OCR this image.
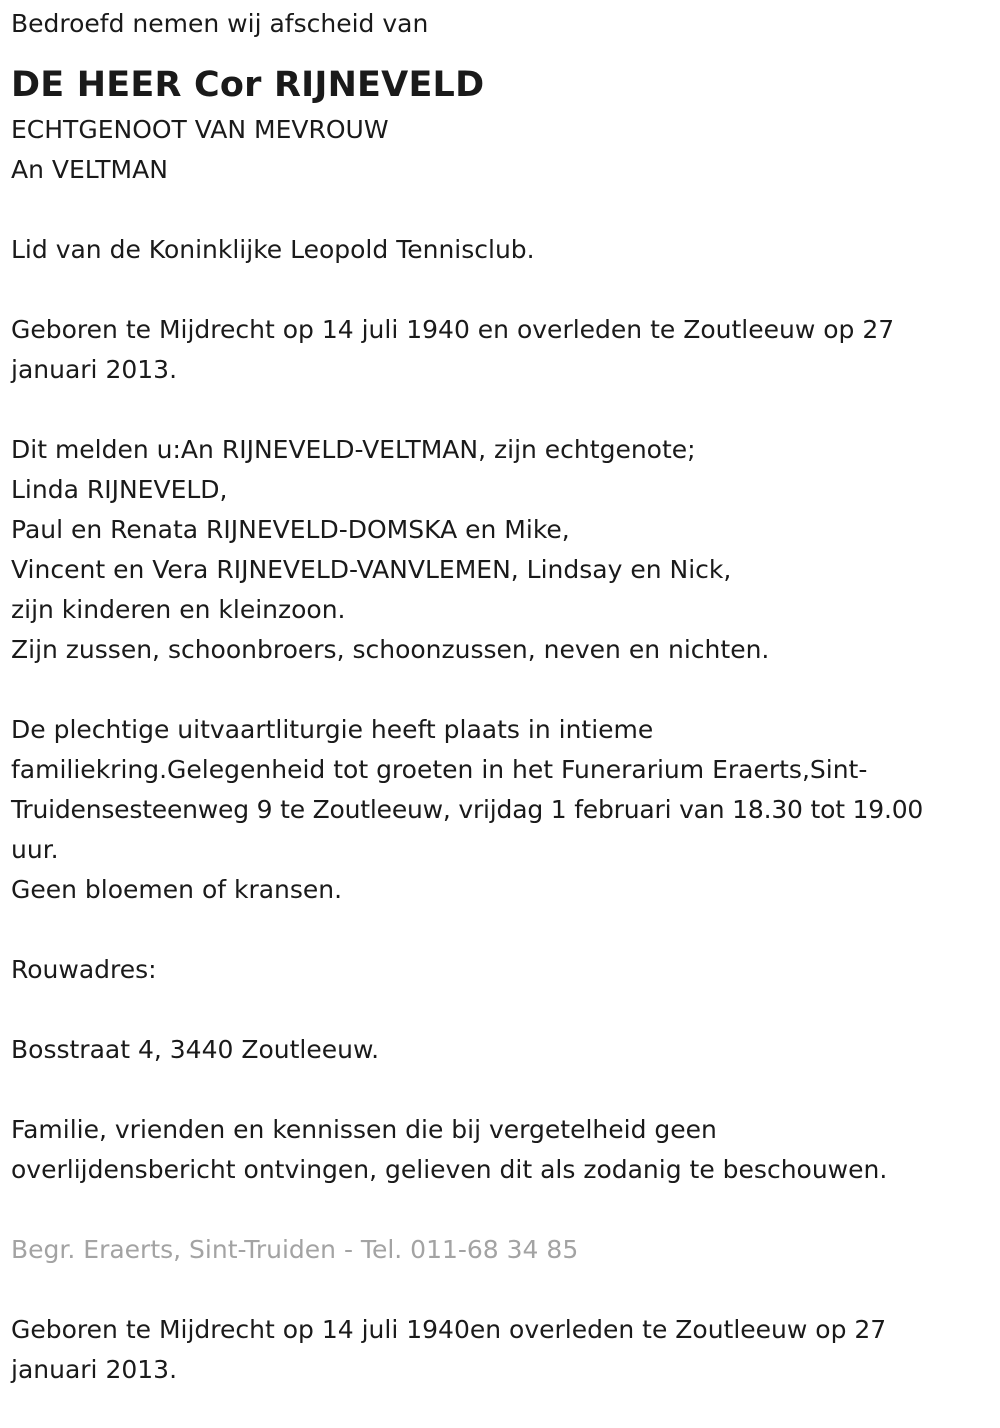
Bedroefd nemen wij afscheid van
DE HEER Cor RIJNEVELD
ECHTGENOOT VAN MEVROUW
An VELTMAN
Lid van de Koninklijke Leopold Tennisclub.
Geboren te Mijdrecht op 14 juli 1940 en overleden te Zoutleeuw op 27
januari 2013.
Dit melden u:An RIJNEVELD-VELTMAN, zijn echtgenote;
Linda RIJNEVELD,
Paul en Renata RIJNEVELD-DOMSKA en Mike,
Vincent en Vera RIJNEVELD-VANVLEMEN, Lindsay en Nick,
zijn kinderen en kleinzoon.
Zijn zussen, schoonbroers, schoonzussen, neven en nichten.
De plechtige uitvaartliturgie heeft plaats in intieme
familiekring.Gelegenheid tot groeten in het Funerarium Eraerts,Sint-
Truidensesteenweg 9 te Zoutleeuw, vrijdag 1 februari van 18.30 tot 19.00
uur.
Geen bloemen of kransen.
Rouwadres:
Bosstraat 4, 3440 Zoutleeuw.
Familie, vrienden en kennissen die bij vergetelheid geen
overlijdensbericht ontvingen, gelieven dit als zodanig te beschouwen.
Begr. Eraerts, Sint-Truiden - Tel. 011-68 34 85
Geboren te Mijdrecht op 14 juli 1940en overleden te Zoutleeuw op 27
januari 2013.
